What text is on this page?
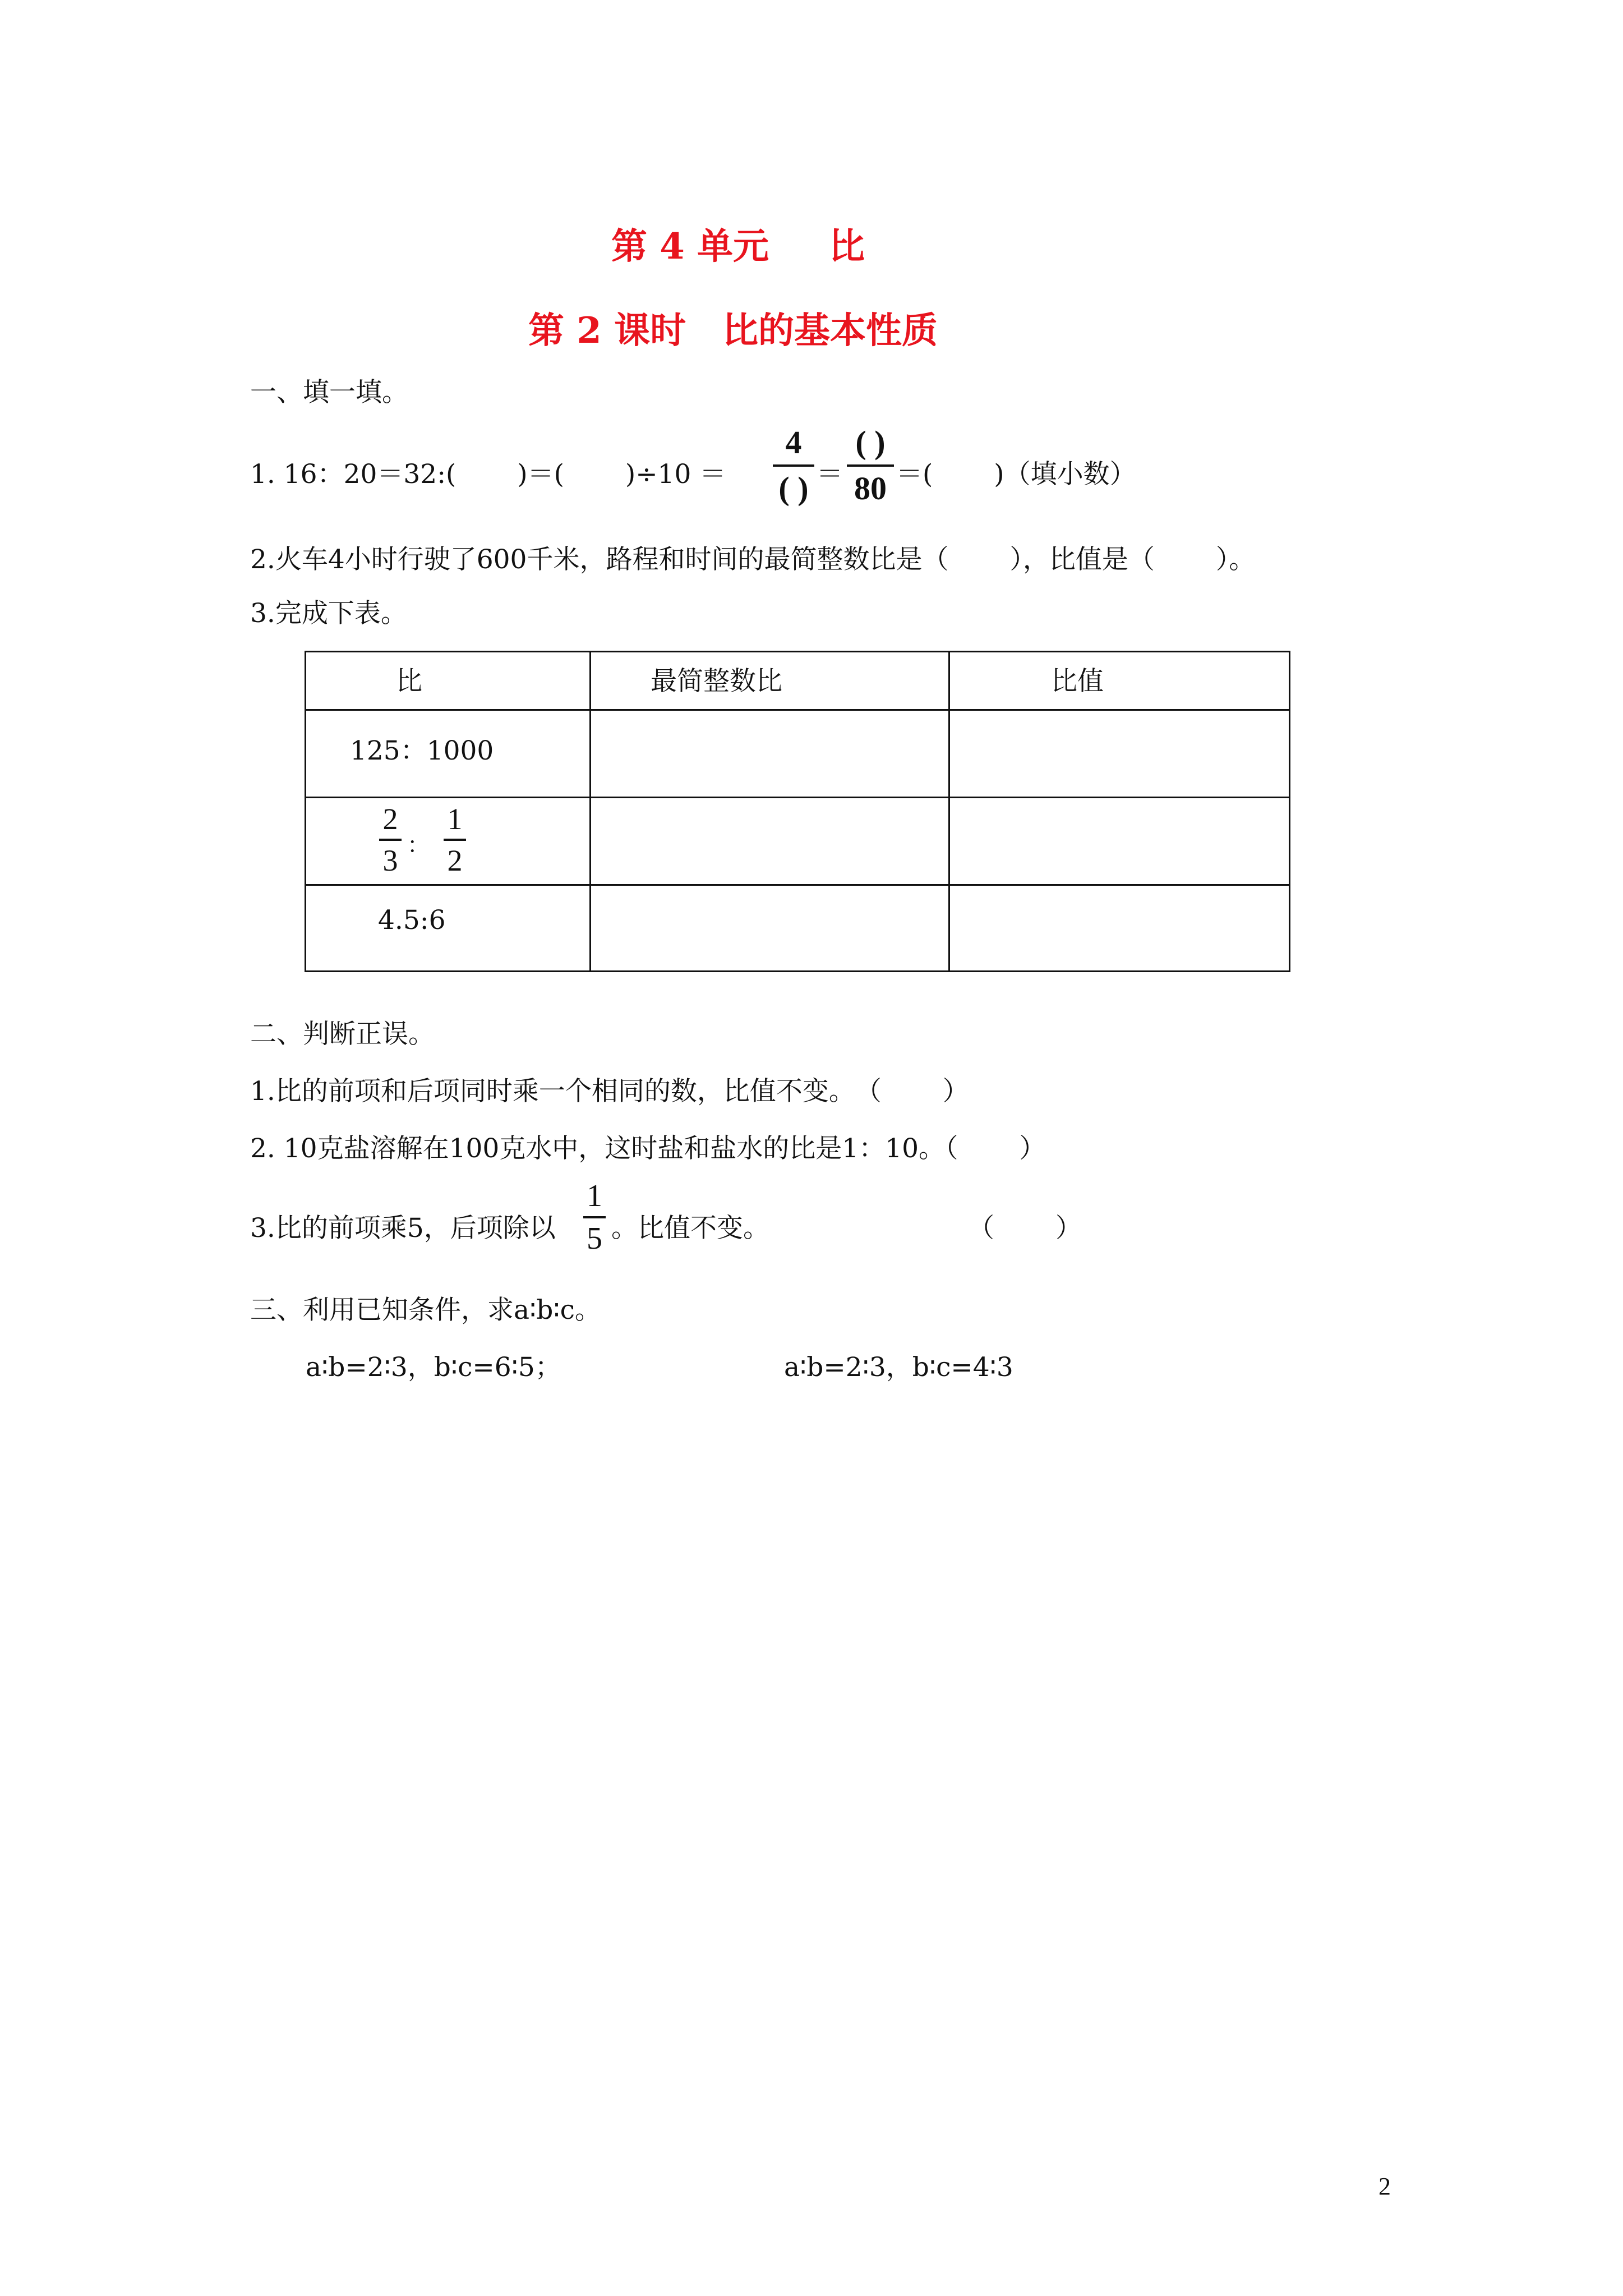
第 4 单元 比
第 2 课时 比的基本性质
一、填一填。
1. 16：20＝32:(　　 )＝(　　 )÷10 ＝
4
( ) ＝
( )
80 ＝(　　 )（填小数）
2.火车4小时行驶了600千米，路程和时间的最简整数比是（　　 ），比值是（　　 ）。
3.完成下表。
比	最简整数比	比值

125：1000		

2
3 ：
1
2		

4.5:6		

二、判断正误。
1.比的前项和后项同时乘一个相同的数，比值不变。　（　　 ）
2. 10克盐溶解在100克水中，这时盐和盐水的比是1：10。（　　 ）
3.比的前项乘5，后项除以
1
5 。比值不变。	（　　 ）
三、利用已知条件，求a∶b∶c。
a∶b=2∶3，b∶c=6∶5；	a∶b=2∶3，b∶c=4∶3
2
